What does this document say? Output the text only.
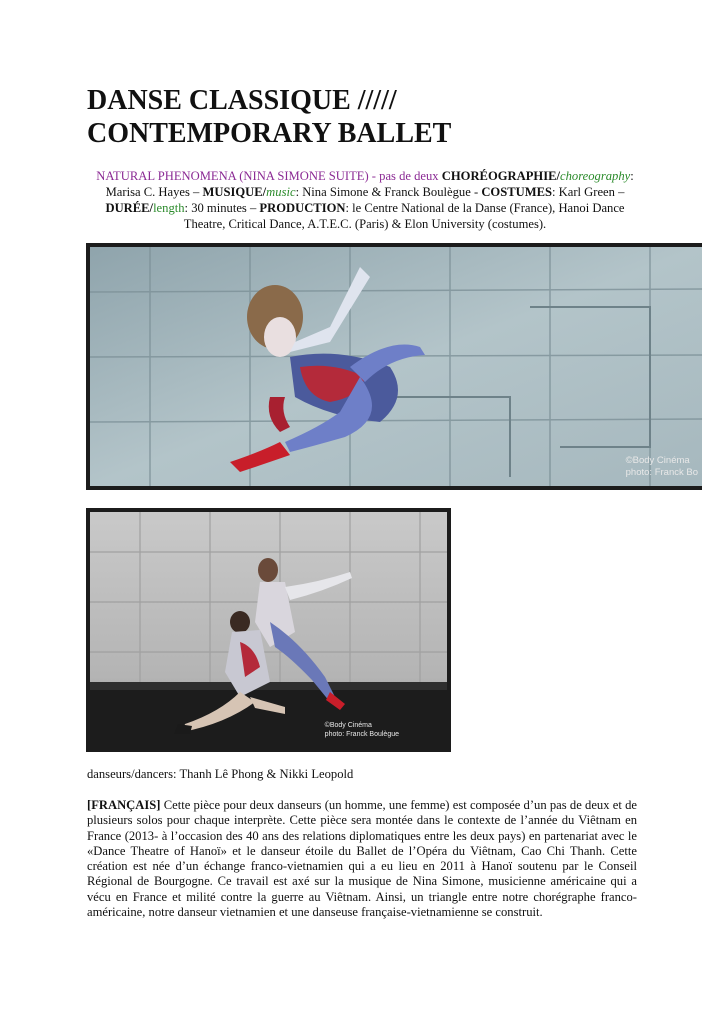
DANSE CLASSIQUE /////
CONTEMPORARY BALLET

NATURAL PHENOMENA (NINA SIMONE SUITE) - pas de deux CHORÉOGRAPHIE/choreography: Marisa C. Hayes – MUSIQUE/music: Nina Simone & Franck Boulègue - COSTUMES: Karl Green – DURÉE/length: 30 minutes – PRODUCTION: le Centre National de la Danse (France), Hanoi Dance Theatre, Critical Dance, A.T.E.C. (Paris) & Elon University (costumes).

©Body Cinéma
photo: Franck Bo
©Body Cinéma
photo: Franck Boulègue

danseurs/dancers: Thanh Lê Phong & Nikki Leopold

[FRANÇAIS] Cette pièce pour deux danseurs (un homme, une femme) est composée d’un pas de deux et de plusieurs solos pour chaque interprète. Cette pièce sera montée dans le contexte de l’année du Viêtnam en France (2013- à l’occasion des 40 ans des relations diplomatiques entre les deux pays) en partenariat avec le «Dance Theatre of Hanoï» et le danseur étoile du Ballet de l’Opéra du Viêtnam, Cao Chi Thanh. Cette création est née d’un échange franco-vietnamien qui a eu lieu en 2011 à Hanoï soutenu par le Conseil Régional de Bourgogne. Ce travail est axé sur la musique de Nina Simone, musicienne américaine qui a vécu en France et milité contre la guerre au Viêtnam. Ainsi, un triangle entre notre chorégraphe franco-américaine, notre danseur vietnamien et une danseuse française-vietnamienne se construit.
